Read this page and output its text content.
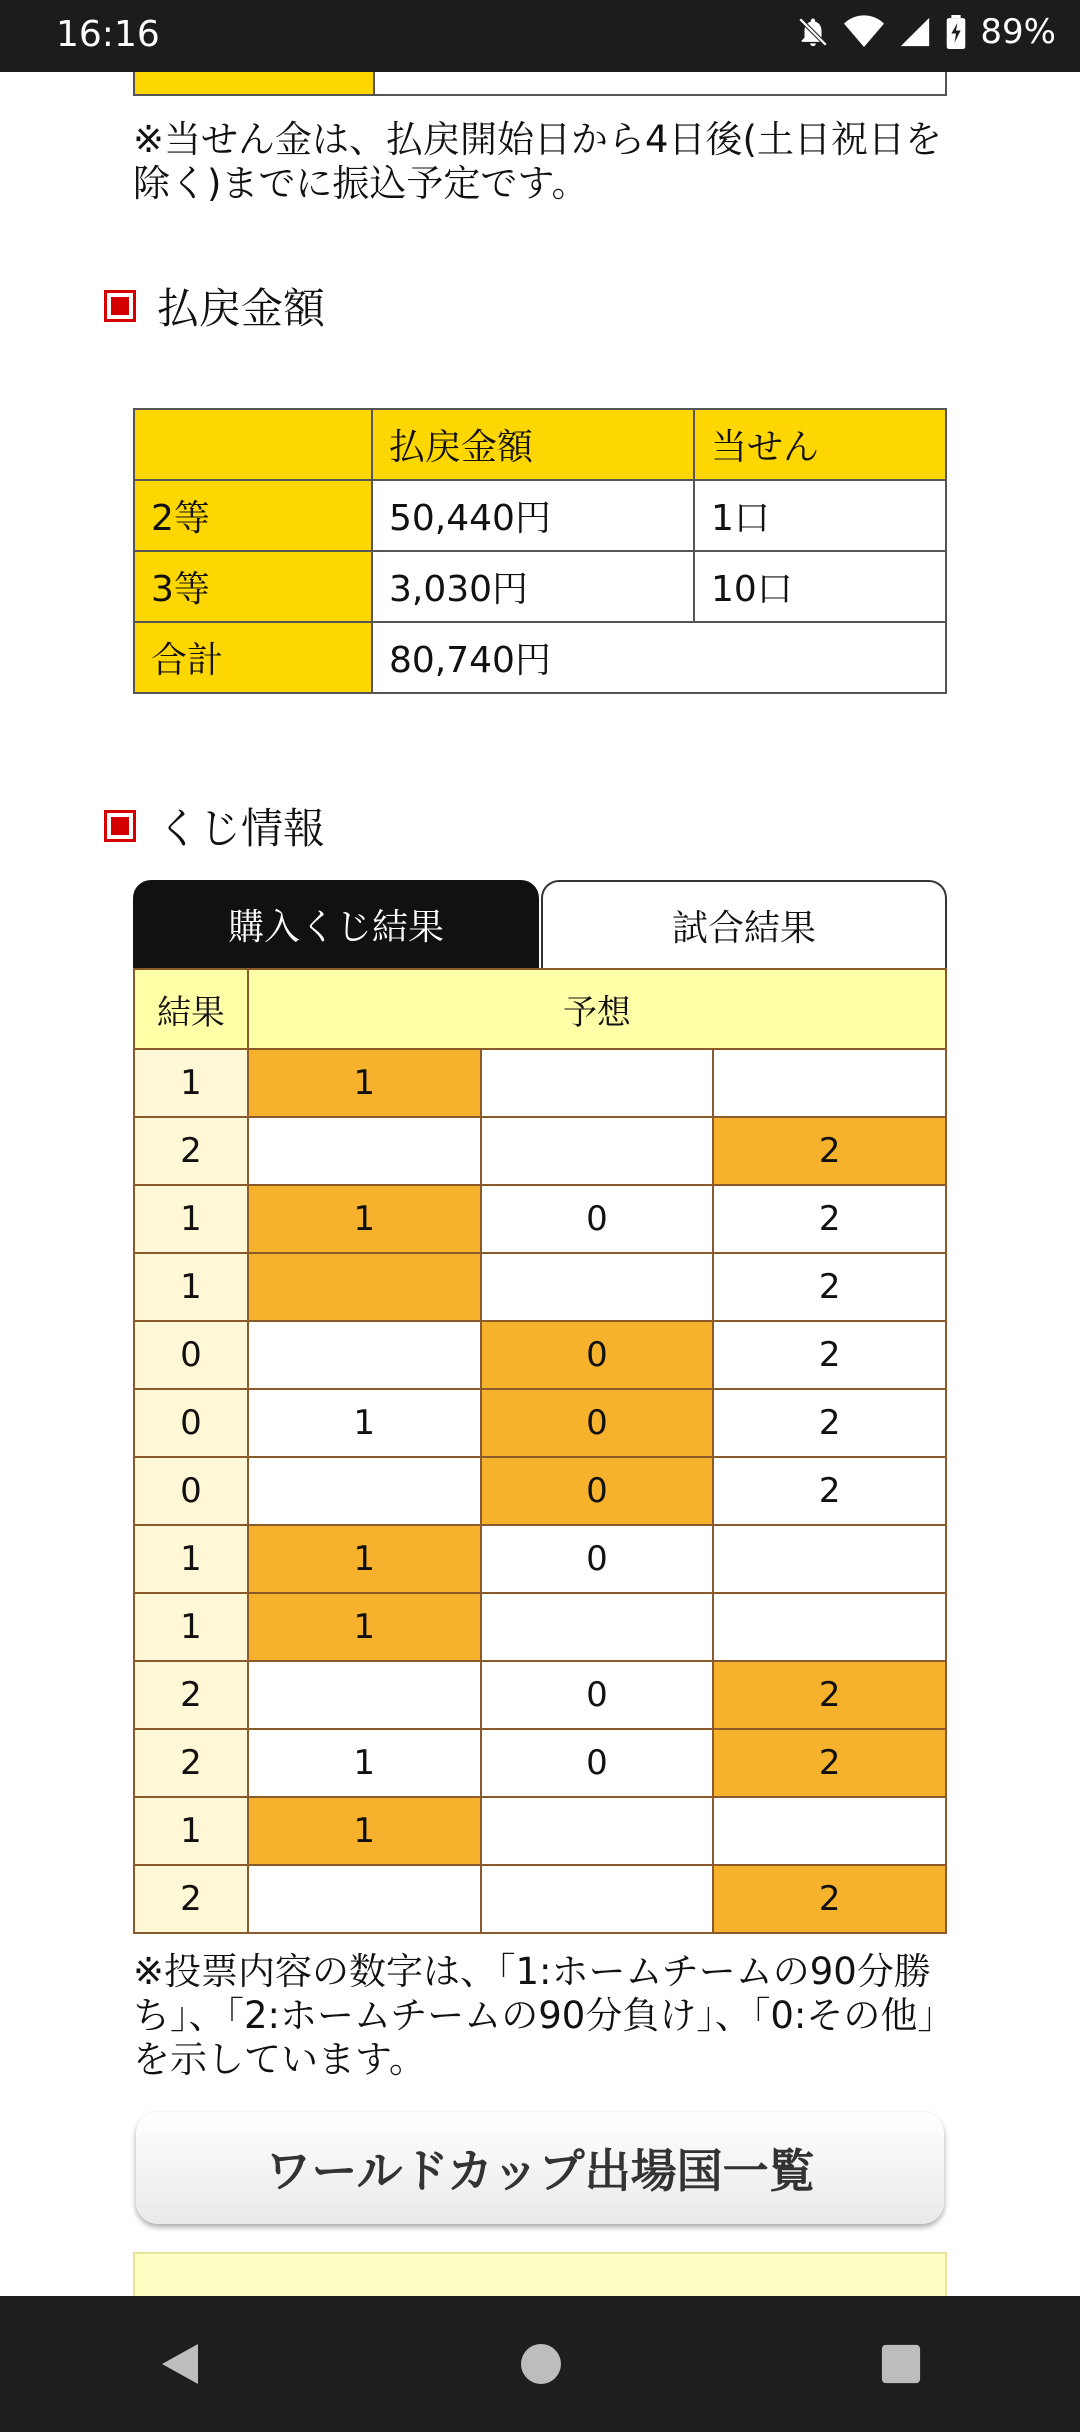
16:16	89%
※当せん金は、払戻開始日から4日後(土日祝日を除く)までに振込予定です。
払戻金額
	払戻金額	当せん
2等	50,440円	1口
3等	3,030円	10口
合計	80,740円	
くじ情報
購入くじ結果	試合結果
結果	予想		
1	1		
2			2
1	1	0	2
1			2
0		0	2
0	1	0	2
0		0	2
1	1	0	
1	1		
2		0	2
2	1	0	2
1	1		
2			2
※投票内容の数字は、「1:ホームチームの90分勝ち」、「2:ホームチームの90分負け」、「0:その他」を示しています。
ワールドカップ出場国一覧
